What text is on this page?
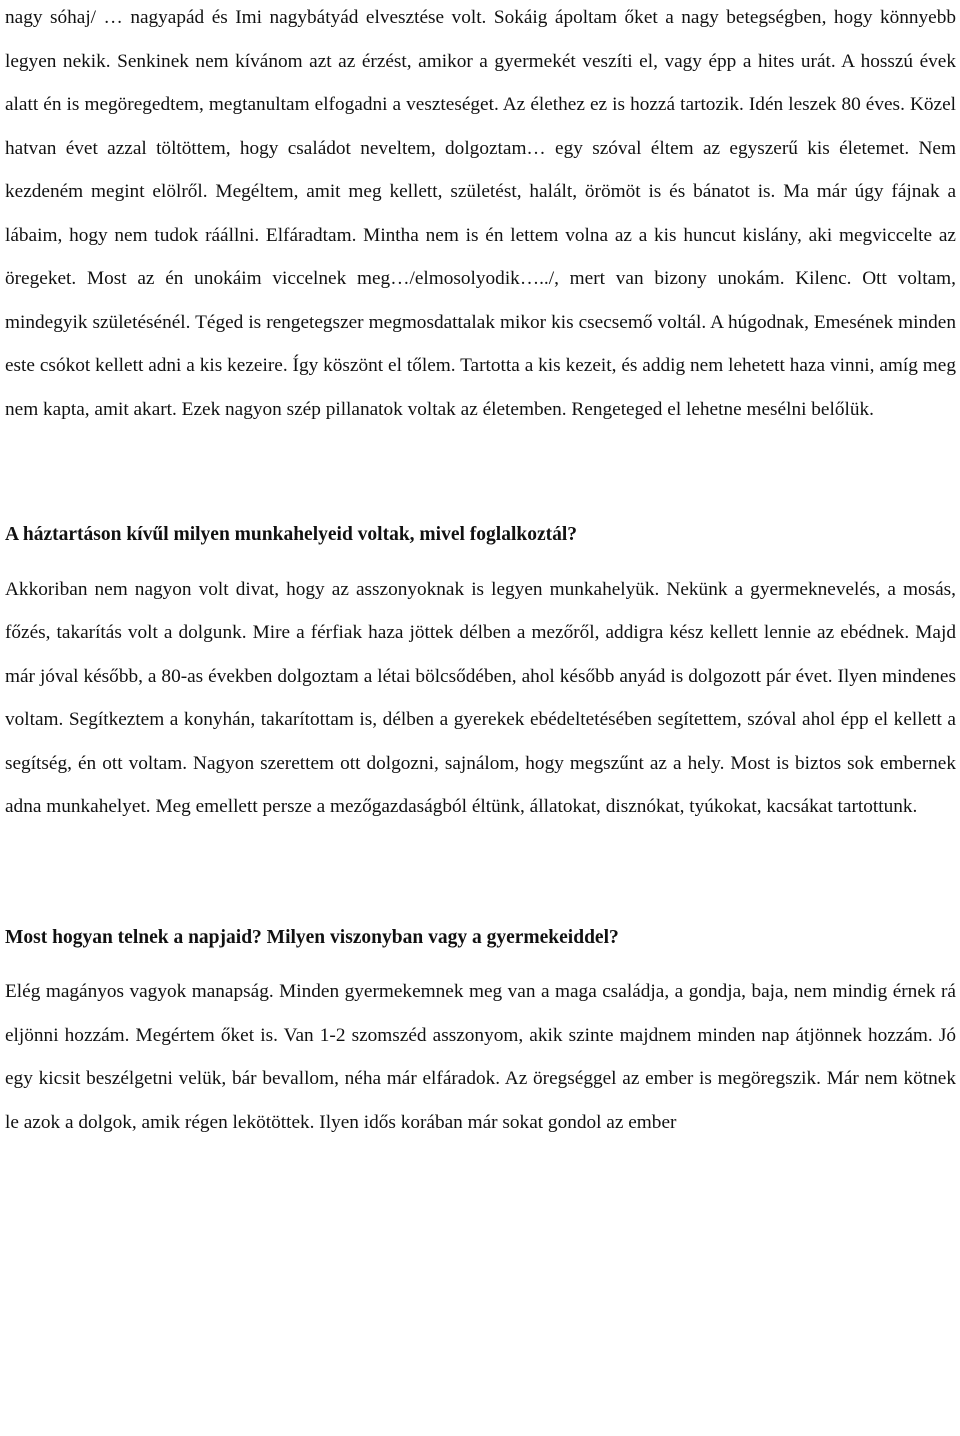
nagy sóhaj/ … nagyapád és Imi nagybátyád elvesztése volt. Sokáig ápoltam őket a nagy betegségben, hogy könnyebb legyen nekik. Senkinek nem kívánom azt az érzést, amikor a gyermekét veszíti el, vagy épp a hites urát. A hosszú évek alatt én is megöregedtem, megtanultam elfogadni a veszteséget. Az élethez ez is hozzá tartozik. Idén leszek 80 éves. Közel hatvan évet azzal töltöttem, hogy családot neveltem, dolgoztam… egy szóval éltem az egyszerű kis életemet. Nem kezdeném megint elölről. Megéltem, amit meg kellett, születést, halált, örömöt is és bánatot is. Ma már úgy fájnak a lábaim, hogy nem tudok ráállni. Elfáradtam. Mintha nem is én lettem volna az a kis huncut kislány, aki megviccelte az öregeket. Most az én unokáim viccelnek meg…/elmosolyodik…../, mert van bizony unokám. Kilenc. Ott voltam, mindegyik születésénél. Téged is rengetegszer megmosdattalak mikor kis csecsemő voltál. A húgodnak, Emesének minden este csókot kellett adni a kis kezeire. Így köszönt el tőlem. Tartotta a kis kezeit, és addig nem lehetett haza vinni, amíg meg nem kapta, amit akart. Ezek nagyon szép pillanatok voltak az életemben. Rengeteged el lehetne mesélni belőlük.

A háztartáson kívűl milyen munkahelyeid voltak, mivel foglalkoztál?

Akkoriban nem nagyon volt divat, hogy az asszonyoknak is legyen munkahelyük. Nekünk a gyermeknevelés, a mosás, főzés, takarítás volt a dolgunk. Mire a férfiak haza jöttek délben a mezőről, addigra kész kellett lennie az ebédnek. Majd már jóval később, a 80-as években dolgoztam a létai bölcsődében, ahol később anyád is dolgozott pár évet. Ilyen mindenes voltam. Segítkeztem a konyhán, takarítottam is, délben a gyerekek ebédeltetésében segítettem, szóval ahol épp el kellett a segítség, én ott voltam. Nagyon szerettem ott dolgozni, sajnálom, hogy megszűnt az a hely. Most is biztos sok embernek adna munkahelyet. Meg emellett persze a mezőgazdaságból éltünk, állatokat, disznókat, tyúkokat, kacsákat tartottunk.

Most hogyan telnek a napjaid? Milyen viszonyban vagy a gyermekeiddel?

Elég magányos vagyok manapság. Minden gyermekemnek meg van a maga családja, a gondja, baja, nem mindig érnek rá eljönni hozzám. Megértem őket is. Van 1-2 szomszéd asszonyom, akik szinte majdnem minden nap átjönnek hozzám. Jó egy kicsit beszélgetni velük, bár bevallom, néha már elfáradok. Az öregséggel az ember is megöregszik. Már nem kötnek le azok a dolgok, amik régen lekötöttek. Ilyen idős korában már sokat gondol az ember
